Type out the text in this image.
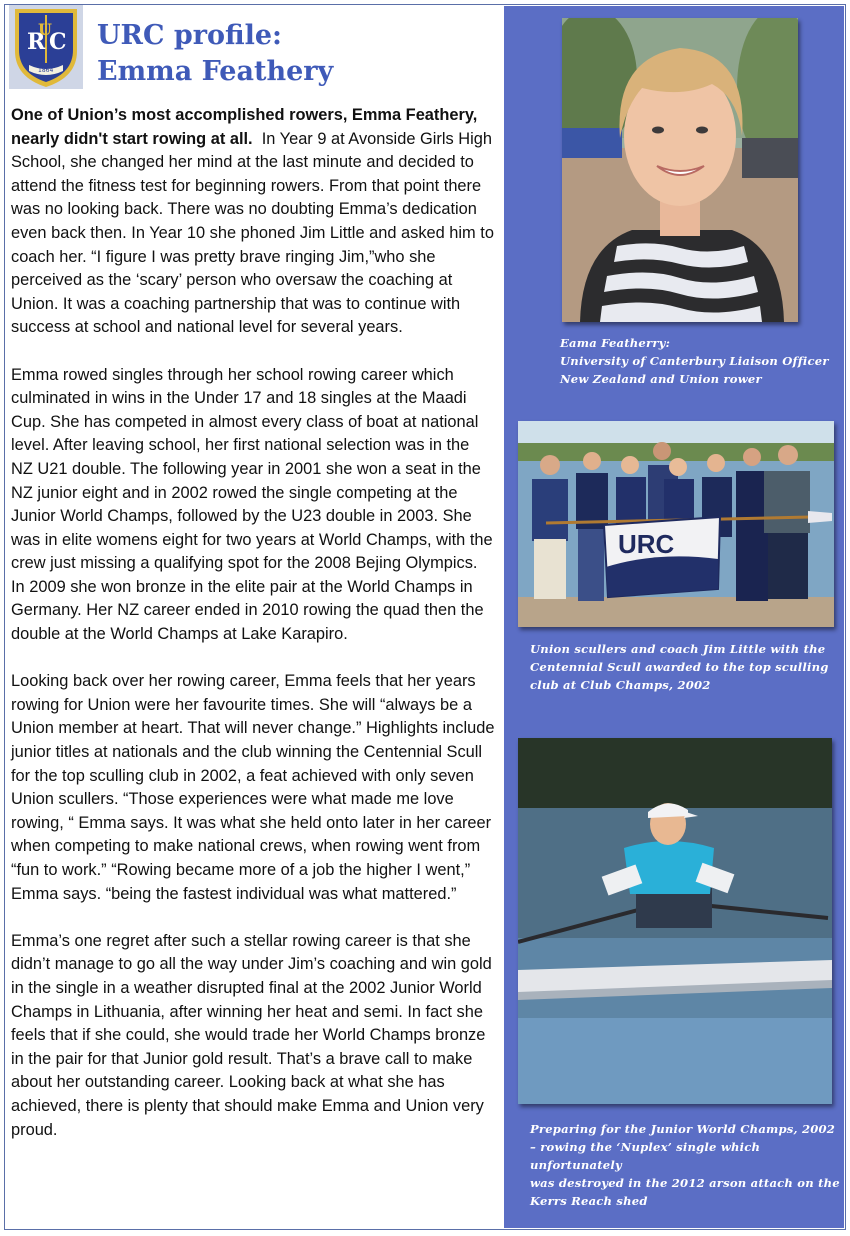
R C
U
1864
URC profile:
Emma Feathery

One of Union’s most accomplished rowers, Emma Feathery, nearly didn't start rowing at all. In Year 9 at Avonside Girls High School, she changed her mind at the last minute and decided to attend the fitness test for beginning rowers. From that point there was no looking back. There was no doubting Emma’s dedication even back then. In Year 10 she phoned Jim Little and asked him to coach her. “I figure I was pretty brave ringing Jim,”who she perceived as the ‘scary’ person who oversaw the coaching at Union. It was a coaching partnership that was to continue with success at school and national level for several years.

Emma rowed singles through her school rowing career which culminated in wins in the Under 17 and 18 singles at the Maadi Cup. She has competed in almost every class of boat at national level. After leaving school, her first national selection was in the NZ U21 double. The following year in 2001 she won a seat in the NZ junior eight and in 2002 rowed the single competing at the Junior World Champs, followed by the U23 double in 2003. She was in elite womens eight for two years at World Champs, with the crew just missing a qualifying spot for the 2008 Bejing Olympics. In 2009 she won bronze in the elite pair at the World Champs in Germany. Her NZ career ended in 2010 rowing the quad then the double at the World Champs at Lake Karapiro.

Looking back over her rowing career, Emma feels that her years rowing for Union were her favourite times. She will “always be a Union member at heart. That will never change.” Highlights include junior titles at nationals and the club winning the Centennial Scull for the top sculling club in 2002, a feat achieved with only seven Union scullers. “Those experiences were what made me love rowing, “ Emma says. It was what she held onto later in her career when competing to make national crews, when rowing went from “fun to work.” “Rowing became more of a job the higher I went,” Emma says. “being the fastest individual was what mattered.”

Emma’s one regret after such a stellar rowing career is that she didn’t manage to go all the way under Jim’s coaching and win gold in the single in a weather disrupted final at the 2002 Junior World Champs in Lithuania, after winning her heat and semi. In fact she feels that if she could, she would trade her World Champs bronze in the pair for that Junior gold result. That’s a brave call to make about her outstanding career. Looking back at what she has achieved, there is plenty that should make Emma and Union very proud.

Eama Featherry:
University of Canterbury Liaison Officer
New Zealand and Union rower
URC
Union scullers and coach Jim Little with the
Centennial Scull awarded to the top sculling
club at Club Champs, 2002
Preparing for the Junior World Champs, 2002
– rowing the ‘Nuplex’ single which unfortunately
was destroyed in the 2012 arson attach on the
Kerrs Reach shed
